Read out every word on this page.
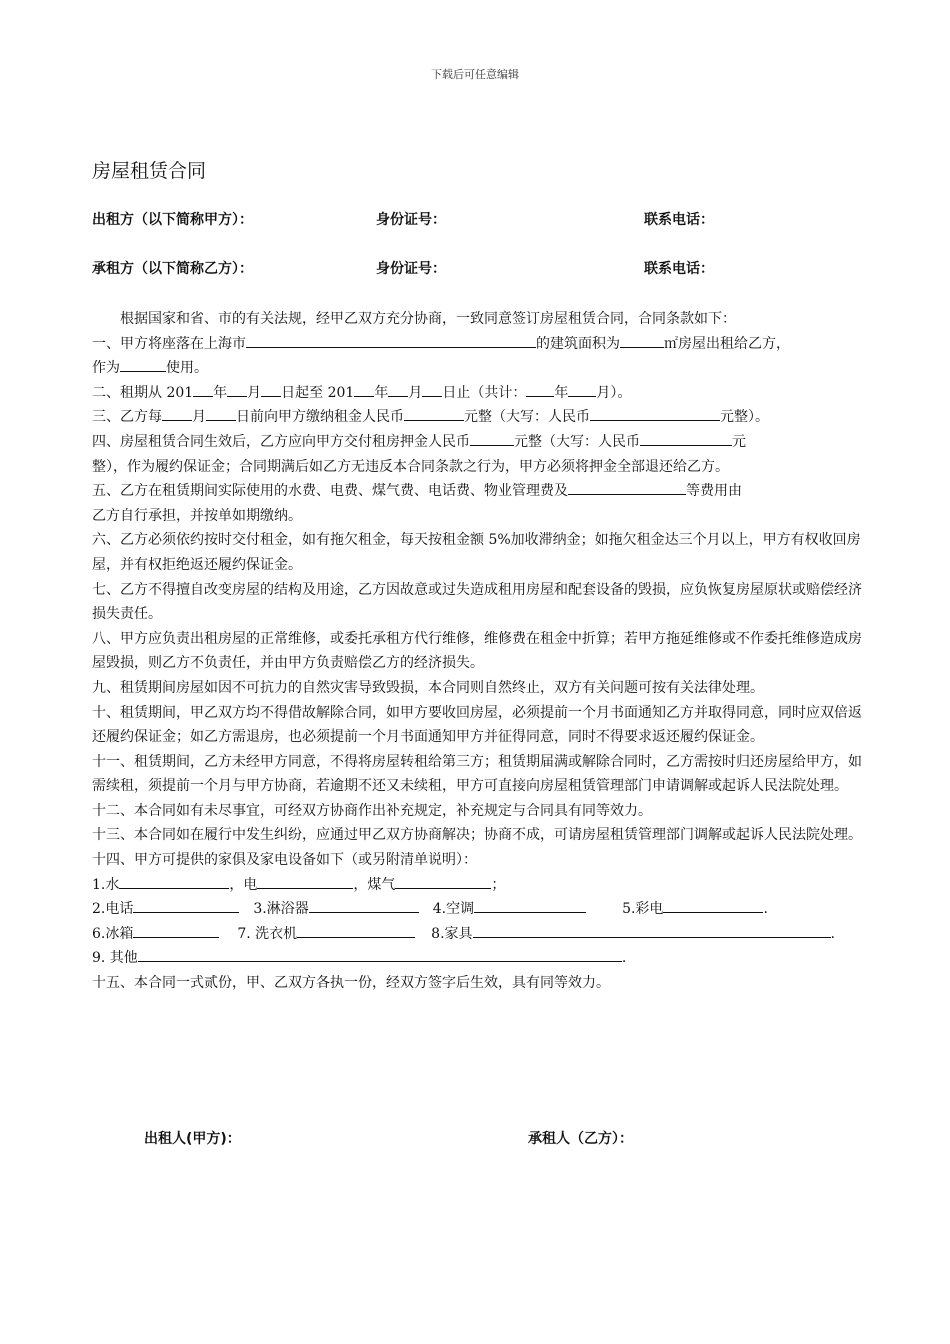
下载后可任意编辑
房屋租赁合同
出租方（以下简称甲方）：	身份证号：	联系电话：
承租方（以下简称乙方）：	身份证号：	联系电话：

根据国家和省、市的有关法规，经甲乙双方充分协商，一致同意签订房屋租赁合同，合同条款如下：

一、甲方将座落在上海市	的建筑面积为	㎡房屋出租给乙方，

作为	使用。

二、租期从 201 年 月 日起至 201 年 月 日止（共计： 年 月）。

三、乙方每 月 日前向甲方缴纳租金人民币	元整（大写：人民币	元整）。

四、房屋租赁合同生效后，乙方应向甲方交付租房押金人民币	元整（大写：人民币	元

整），作为履约保证金；合同期满后如乙方无违反本合同条款之行为，甲方必须将押金全部退还给乙方。

五、乙方在租赁期间实际使用的水费、电费、煤气费、电话费、物业管理费及	等费用由

乙方自行承担，并按单如期缴纳。

六、乙方必须依约按时交付租金，如有拖欠租金，每天按租金额 5%加收滞纳金；如拖欠租金达三个月以上，甲方有权收回房屋，并有权拒绝返还履约保证金。

七、乙方不得擅自改变房屋的结构及用途，乙方因故意或过失造成租用房屋和配套设备的毁损，应负恢复房屋原状或赔偿经济损失责任。

八、甲方应负责出租房屋的正常维修，或委托承租方代行维修，维修费在租金中折算；若甲方拖延维修或不作委托维修造成房屋毁损，则乙方不负责任，并由甲方负责赔偿乙方的经济损失。

九、租赁期间房屋如因不可抗力的自然灾害导致毁损，本合同则自然终止，双方有关问题可按有关法律处理。

十、租赁期间，甲乙双方均不得借故解除合同，如甲方要收回房屋，必须提前一个月书面通知乙方并取得同意，同时应双倍返还履约保证金；如乙方需退房，也必须提前一个月书面通知甲方并征得同意，同时不得要求返还履约保证金。

十一、租赁期间，乙方未经甲方同意，不得将房屋转租给第三方；租赁期届满或解除合同时，乙方需按时归还房屋给甲方，如需续租，须提前一个月与甲方协商，若逾期不还又未续租，甲方可直接向房屋租赁管理部门申请调解或起诉人民法院处理。

十二、本合同如有未尽事宜，可经双方协商作出补充规定，补充规定与合同具有同等效力。

十三、本合同如在履行中发生纠纷，应通过甲乙双方协商解决；协商不成，可请房屋租赁管理部门调解或起诉人民法院处理。

十四、甲方可提供的家俱及家电设备如下（或另附清单说明）：

1.水	，电	，煤气	；

2.电话	3.淋浴器	4.空调	5.彩电	.

6.冰箱	7. 洗衣机	8.家具	.

9. 其他	.

十五、本合同一式贰份，甲、乙双方各执一份，经双方签字后生效，具有同等效力。

出租人(甲方)：	承租人（乙方）：
